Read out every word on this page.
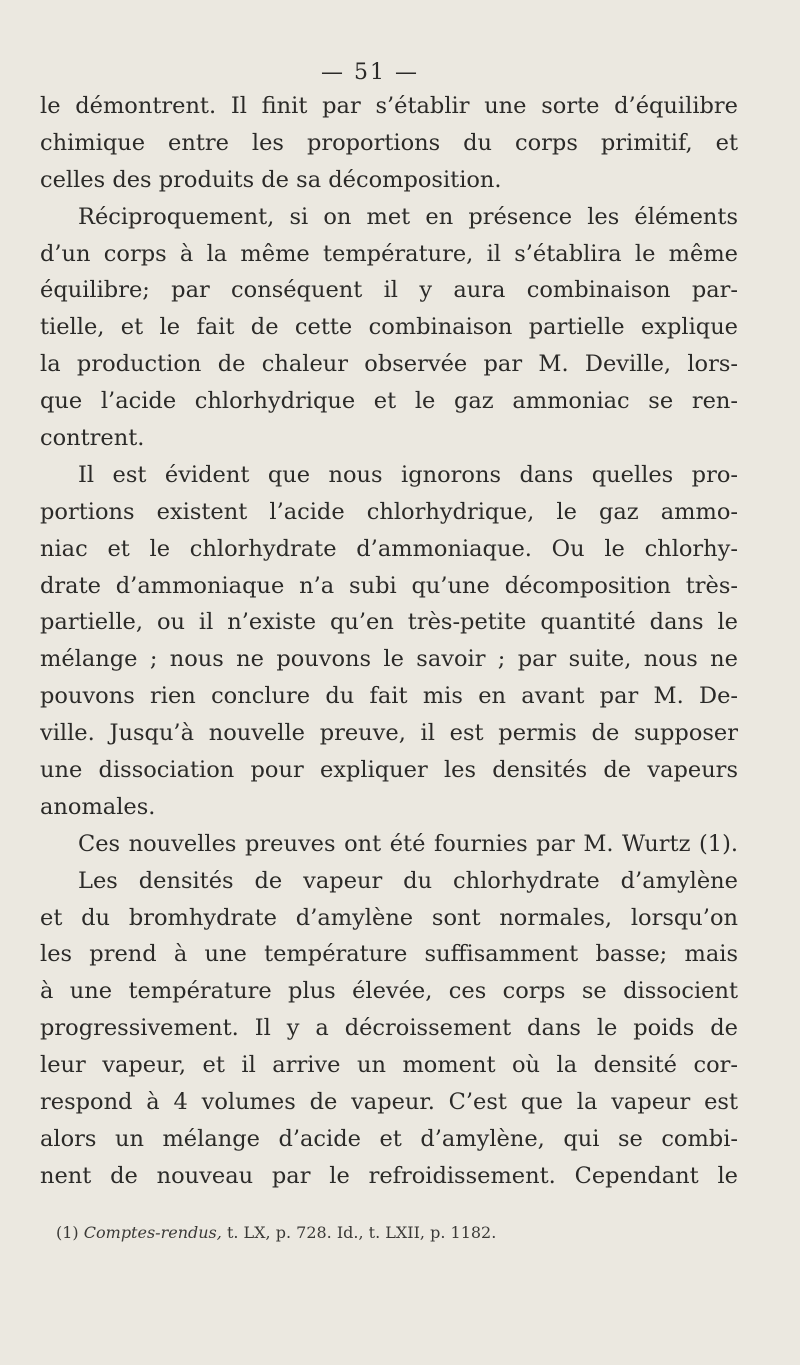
— 51 —
le démontrent. Il finit par s’établir une sorte d’équilibre
chimique entre les proportions du corps primitif, et
celles des produits de sa décomposition.
Réciproquement, si on met en présence les éléments
d’un corps à la même température, il s’établira le même
équilibre; par conséquent il y aura combinaison par-
tielle, et le fait de cette combinaison partielle explique
la production de chaleur observée par M. Deville, lors-
que l’acide chlorhydrique et le gaz ammoniac se ren-
contrent.
Il est évident que nous ignorons dans quelles pro-
portions existent l’acide chlorhydrique, le gaz ammo-
niac et le chlorhydrate d’ammoniaque. Ou le chlorhy-
drate d’ammoniaque n’a subi qu’une décomposition très-
partielle, ou il n’existe qu’en très-petite quantité dans le
mélange ; nous ne pouvons le savoir ; par suite, nous ne
pouvons rien conclure du fait mis en avant par M. De-
ville. Jusqu’à nouvelle preuve, il est permis de supposer
une dissociation pour expliquer les densités de vapeurs
anomales.
Ces nouvelles preuves ont été fournies par M. Wurtz (1).
Les densités de vapeur du chlorhydrate d’amylène
et du bromhydrate d’amylène sont normales, lorsqu’on
les prend à une température suffisamment basse; mais
à une température plus élevée, ces corps se dissocient
progressivement. Il y a décroissement dans le poids de
leur vapeur, et il arrive un moment où la densité cor-
respond à 4 volumes de vapeur. C’est que la vapeur est
alors un mélange d’acide et d’amylène, qui se combi-
nent de nouveau par le refroidissement. Cependant le
(1) Comptes-rendus, t. LX, p. 728. Id., t. LXII, p. 1182.
